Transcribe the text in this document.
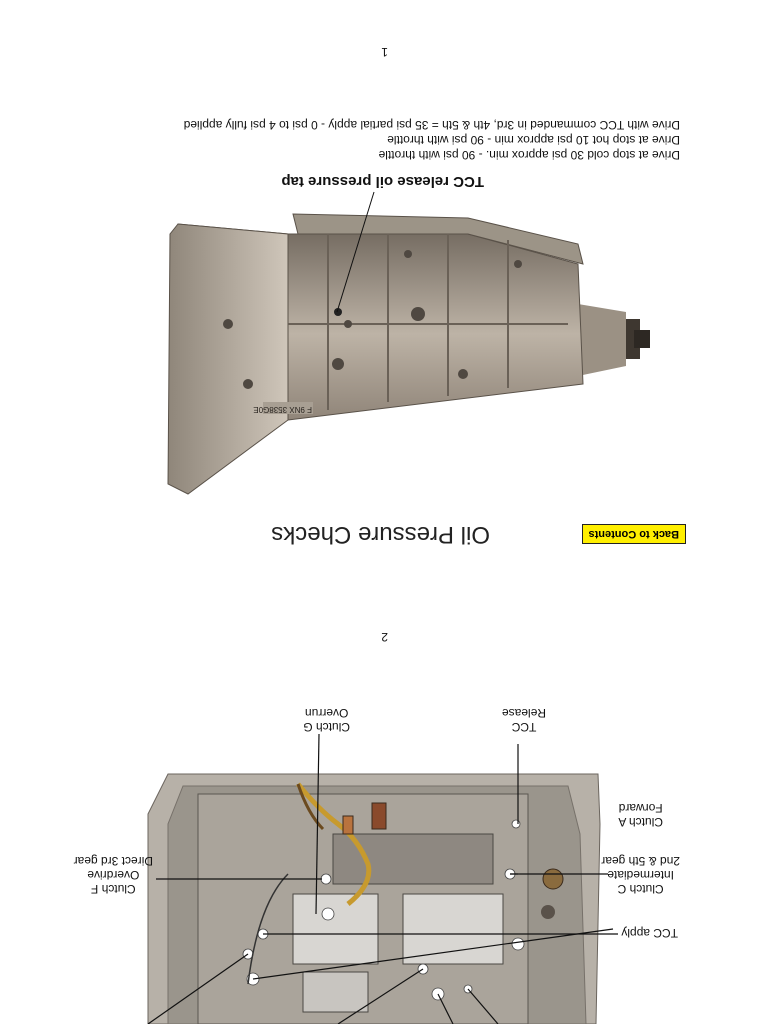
1
Oil Pressure Checks	Back to Contents
F 9NX 3538G0E
TCC release oil pressure tap
Drive at stop cold 30 psi approx min. - 90 psi with throttle
Drive at stop hot 10 psi approx min - 90 psi with throttle
Drive with TCC commanded in 3rd, 4th & 5th = 35 psi partial apply - 0 psi to 4 psi fully applied
2
Clutch F
Overdrive
Direct 3rd gear
Clutch G
Overrun
TCC
Release
Clutch A
Forward
Clutch C
Intermediate
2nd & 5th gear
TCC apply
